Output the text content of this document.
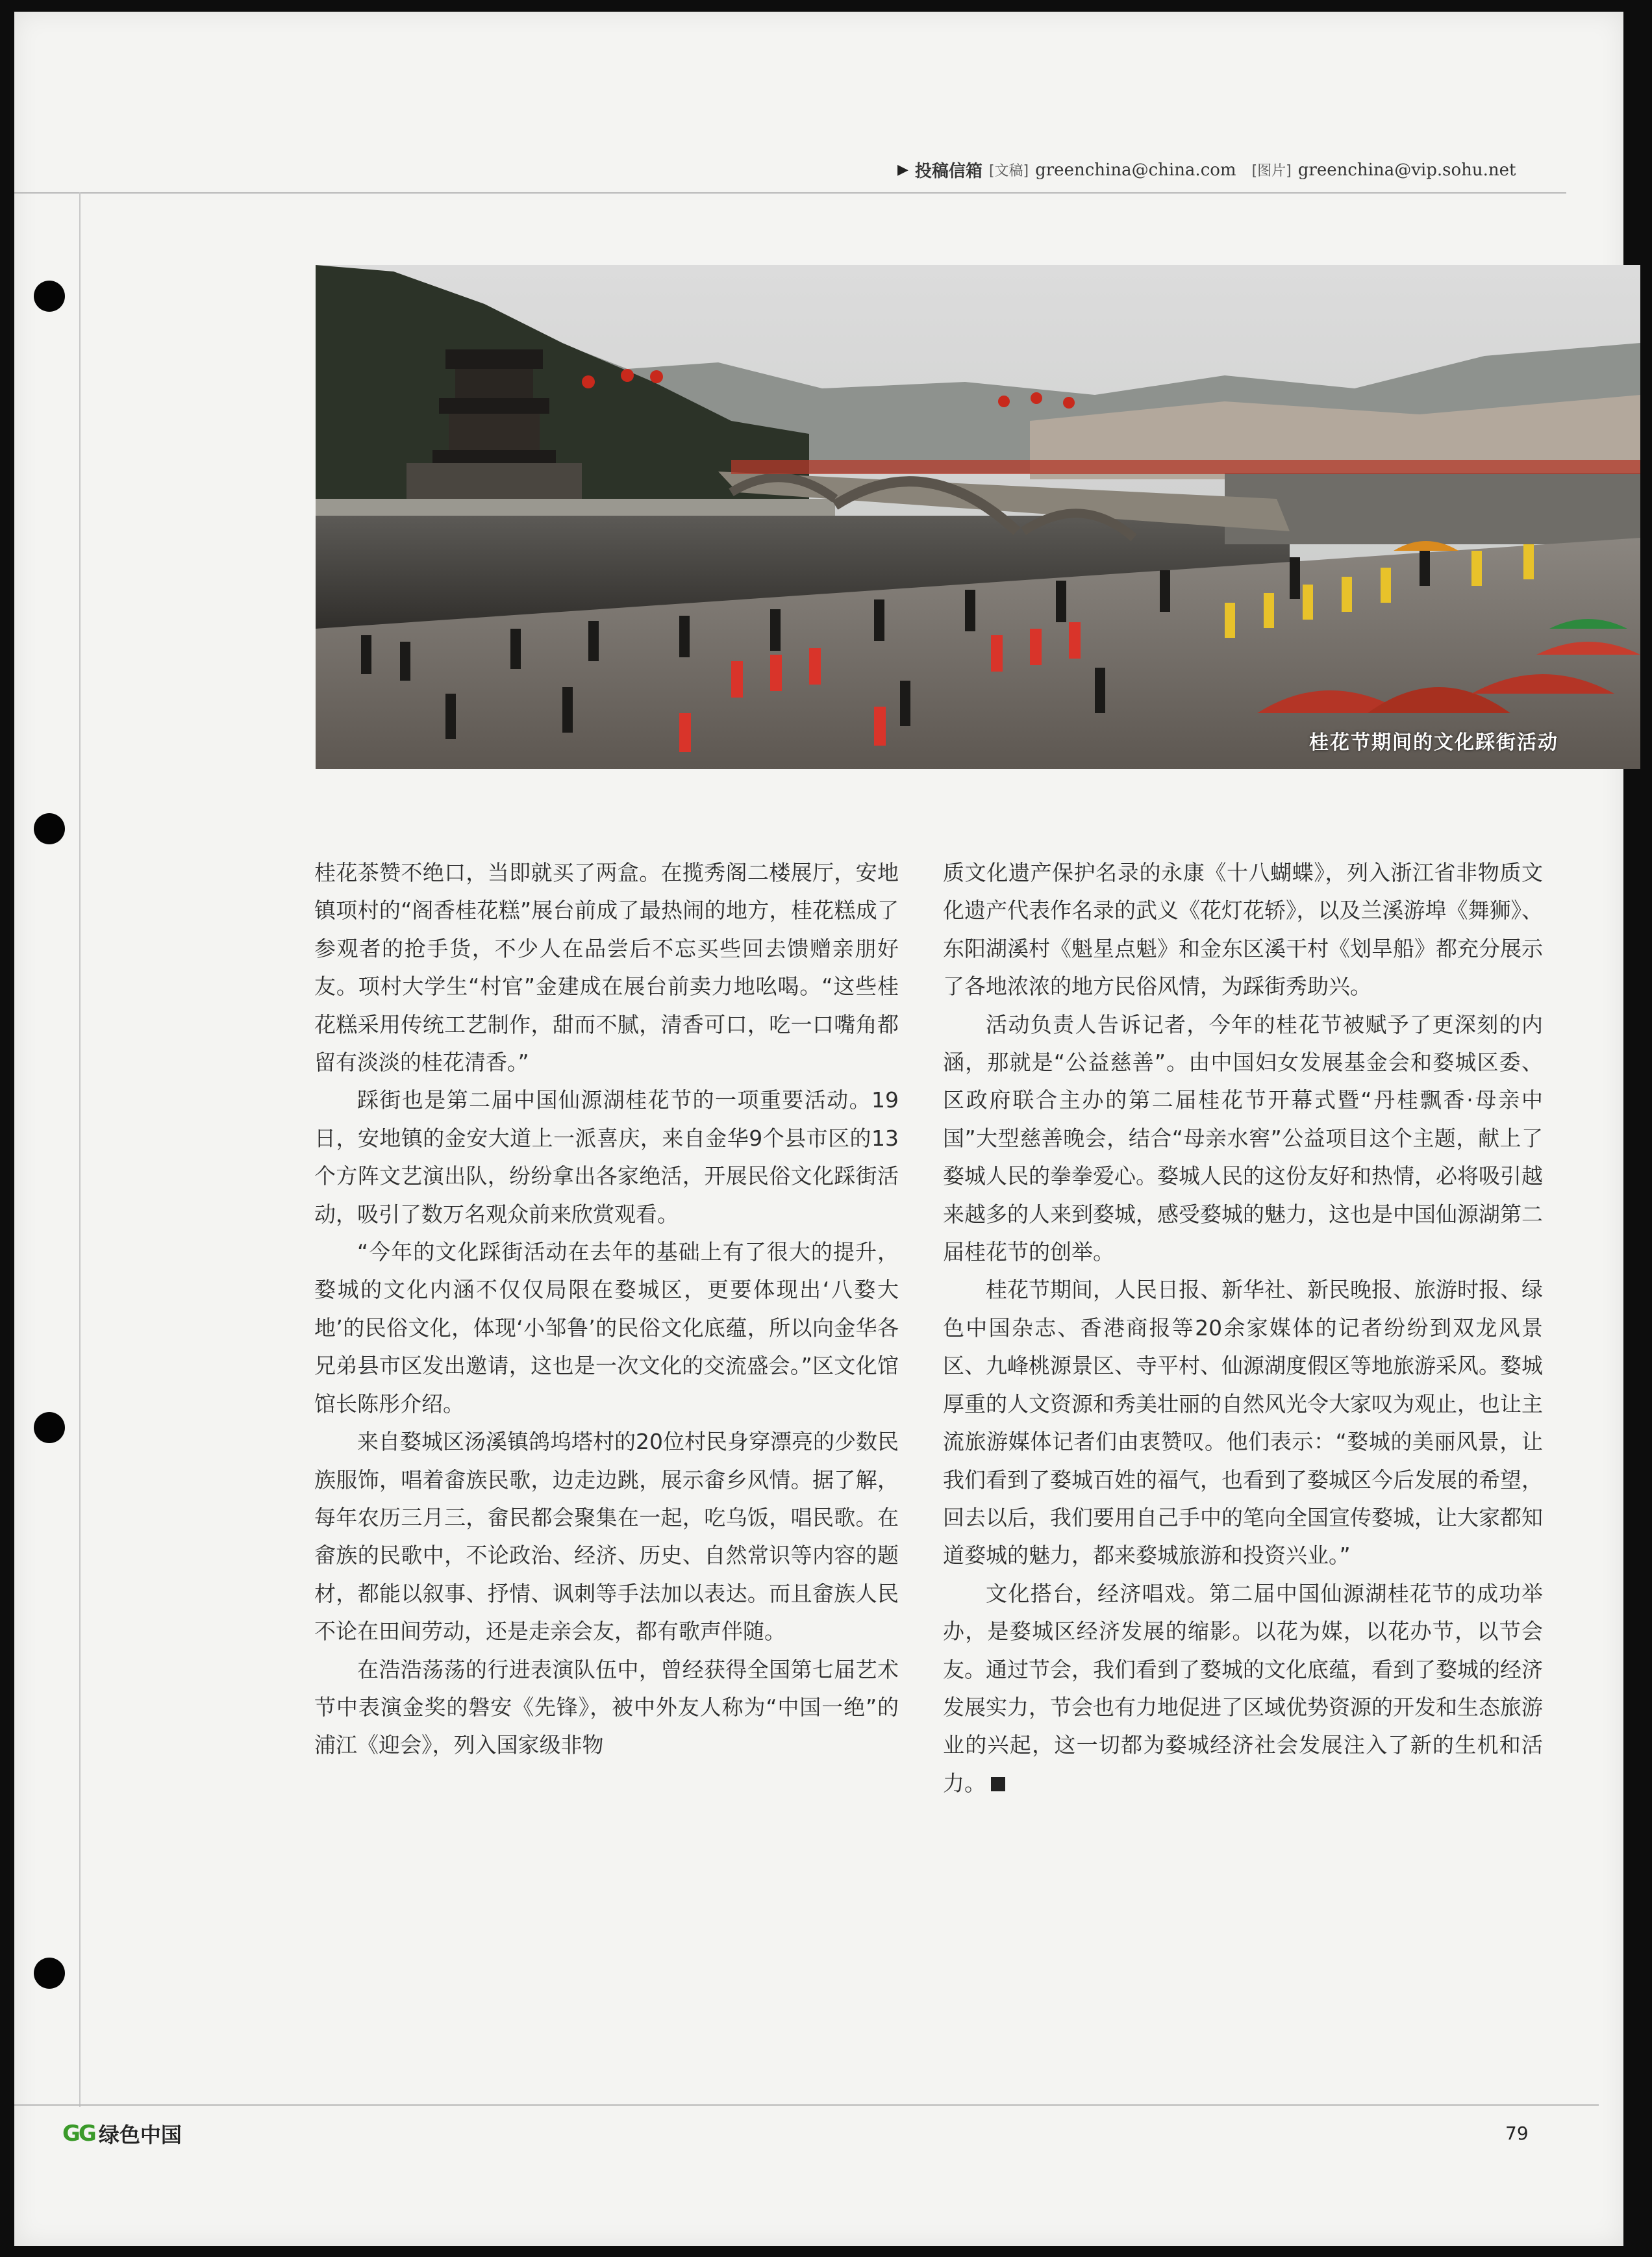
▶ 投稿信箱 [文稿] greenchina@china.com [图片] greenchina@vip.sohu.net
桂花节期间的文化踩街活动

桂花茶赞不绝口，当即就买了两盒。在揽秀阁二楼展厅，安地镇项村的“阁香桂花糕”展台前成了最热闹的地方，桂花糕成了参观者的抢手货，不少人在品尝后不忘买些回去馈赠亲朋好友。项村大学生“村官”金建成在展台前卖力地吆喝。“这些桂花糕采用传统工艺制作，甜而不腻，清香可口，吃一口嘴角都留有淡淡的桂花清香。”

踩街也是第二届中国仙源湖桂花节的一项重要活动。19日，安地镇的金安大道上一派喜庆，来自金华9个县市区的13个方阵文艺演出队，纷纷拿出各家绝活，开展民俗文化踩街活动，吸引了数万名观众前来欣赏观看。

“今年的文化踩街活动在去年的基础上有了很大的提升，婺城的文化内涵不仅仅局限在婺城区，更要体现出‘八婺大地’的民俗文化，体现‘小邹鲁’的民俗文化底蕴，所以向金华各兄弟县市区发出邀请，这也是一次文化的交流盛会。”区文化馆馆长陈彤介绍。

来自婺城区汤溪镇鸽坞塔村的20位村民身穿漂亮的少数民族服饰，唱着畲族民歌，边走边跳，展示畲乡风情。据了解，每年农历三月三，畲民都会聚集在一起，吃乌饭，唱民歌。在畲族的民歌中，不论政治、经济、历史、自然常识等内容的题材，都能以叙事、抒情、讽刺等手法加以表达。而且畲族人民不论在田间劳动，还是走亲会友，都有歌声伴随。

在浩浩荡荡的行进表演队伍中，曾经获得全国第七届艺术节中表演金奖的磐安《先锋》，被中外友人称为“中国一绝”的浦江《迎会》，列入国家级非物

质文化遗产保护名录的永康《十八蝴蝶》，列入浙江省非物质文化遗产代表作名录的武义《花灯花轿》，以及兰溪游埠《舞狮》、东阳湖溪村《魁星点魁》和金东区溪干村《划旱船》都充分展示了各地浓浓的地方民俗风情，为踩街秀助兴。

活动负责人告诉记者，今年的桂花节被赋予了更深刻的内涵，那就是“公益慈善”。由中国妇女发展基金会和婺城区委、区政府联合主办的第二届桂花节开幕式暨“丹桂飘香·母亲中国”大型慈善晚会，结合“母亲水窖”公益项目这个主题，献上了婺城人民的拳拳爱心。婺城人民的这份友好和热情，必将吸引越来越多的人来到婺城，感受婺城的魅力，这也是中国仙源湖第二届桂花节的创举。

桂花节期间，人民日报、新华社、新民晚报、旅游时报、绿色中国杂志、香港商报等20余家媒体的记者纷纷到双龙风景区、九峰桃源景区、寺平村、仙源湖度假区等地旅游采风。婺城厚重的人文资源和秀美壮丽的自然风光令大家叹为观止，也让主流旅游媒体记者们由衷赞叹。他们表示：“婺城的美丽风景，让我们看到了婺城百姓的福气，也看到了婺城区今后发展的希望，回去以后，我们要用自己手中的笔向全国宣传婺城，让大家都知道婺城的魅力，都来婺城旅游和投资兴业。”

文化搭台，经济唱戏。第二届中国仙源湖桂花节的成功举办，是婺城区经济发展的缩影。以花为媒，以花办节，以节会友。通过节会，我们看到了婺城的文化底蕴，看到了婺城的经济发展实力，节会也有力地促进了区域优势资源的开发和生态旅游业的兴起，这一切都为婺城经济社会发展注入了新的生机和活力。

GG 绿色中国	79
